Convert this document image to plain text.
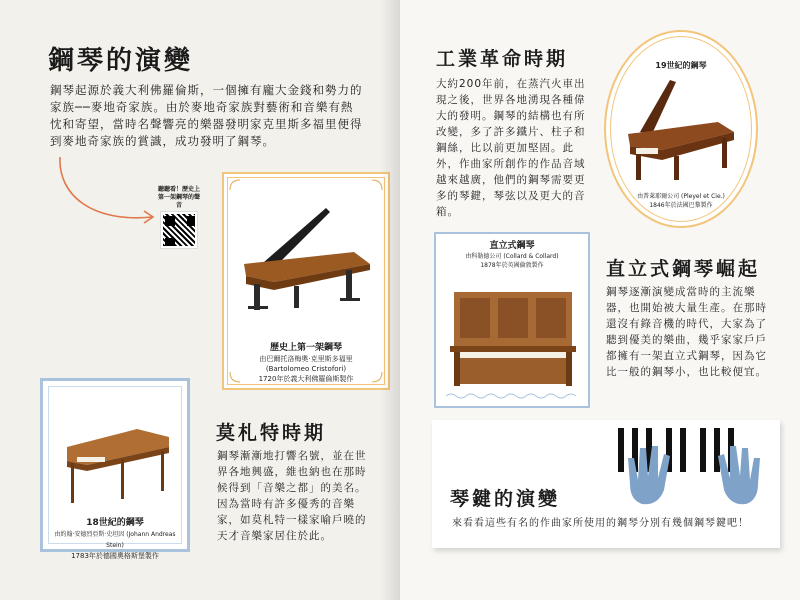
鋼琴的演變
鋼琴起源於義大利佛羅倫斯，一個擁有龐大金錢和勢力的家族──麥地奇家族。由於麥地奇家族對藝術和音樂有熱忱和寄望，當時名聲響亮的樂器發明家克里斯多福里便得到麥地奇家族的賞識，成功發明了鋼琴。
聽聽看！歷史上第一架鋼琴的聲音
歷史上第一架鋼琴
由巴爾托洛梅奧·克里斯多福里
(Bartolomeo Cristofori)
1720年於義大利佛羅倫斯製作
18世紀的鋼琴
由約翰·安德烈亞斯·史坦因 (Johann Andreas Stein)
1783年於德國奧格斯堡製作
莫札特時期
鋼琴漸漸地打響名號，並在世界各地興盛，維也納也在那時候得到「音樂之都」的美名。因為當時有許多優秀的音樂家，如莫札特一樣家喻戶曉的天才音樂家居住於此。
工業革命時期
大約200年前，在蒸汽火車出現之後，世界各地湧現各種偉大的發明。鋼琴的結構也有所改變，多了許多鐵片、柱子和鋼絲，比以前更加堅固。此外，作曲家所創作的作品音域越來越廣，他們的鋼琴需要更多的琴鍵，琴弦以及更大的音箱。
19世紀的鋼琴
由普萊耶爾公司 (Pleyel et Cie.)
1846年於法國巴黎製作
直立式鋼琴
由科勒德公司 (Collard & Collard)
1878年於英國倫敦製作	直立式鋼琴崛起
鋼琴逐漸演變成當時的主流樂器，也開始被大量生產。在那時還沒有錄音機的時代，大家為了聽到優美的樂曲，幾乎家家戶戶都擁有一架直立式鋼琴，因為它比一般的鋼琴小，也比較便宜。
琴鍵的演變
來看看這些有名的作曲家所使用的鋼琴分別有幾個鋼琴鍵吧！
